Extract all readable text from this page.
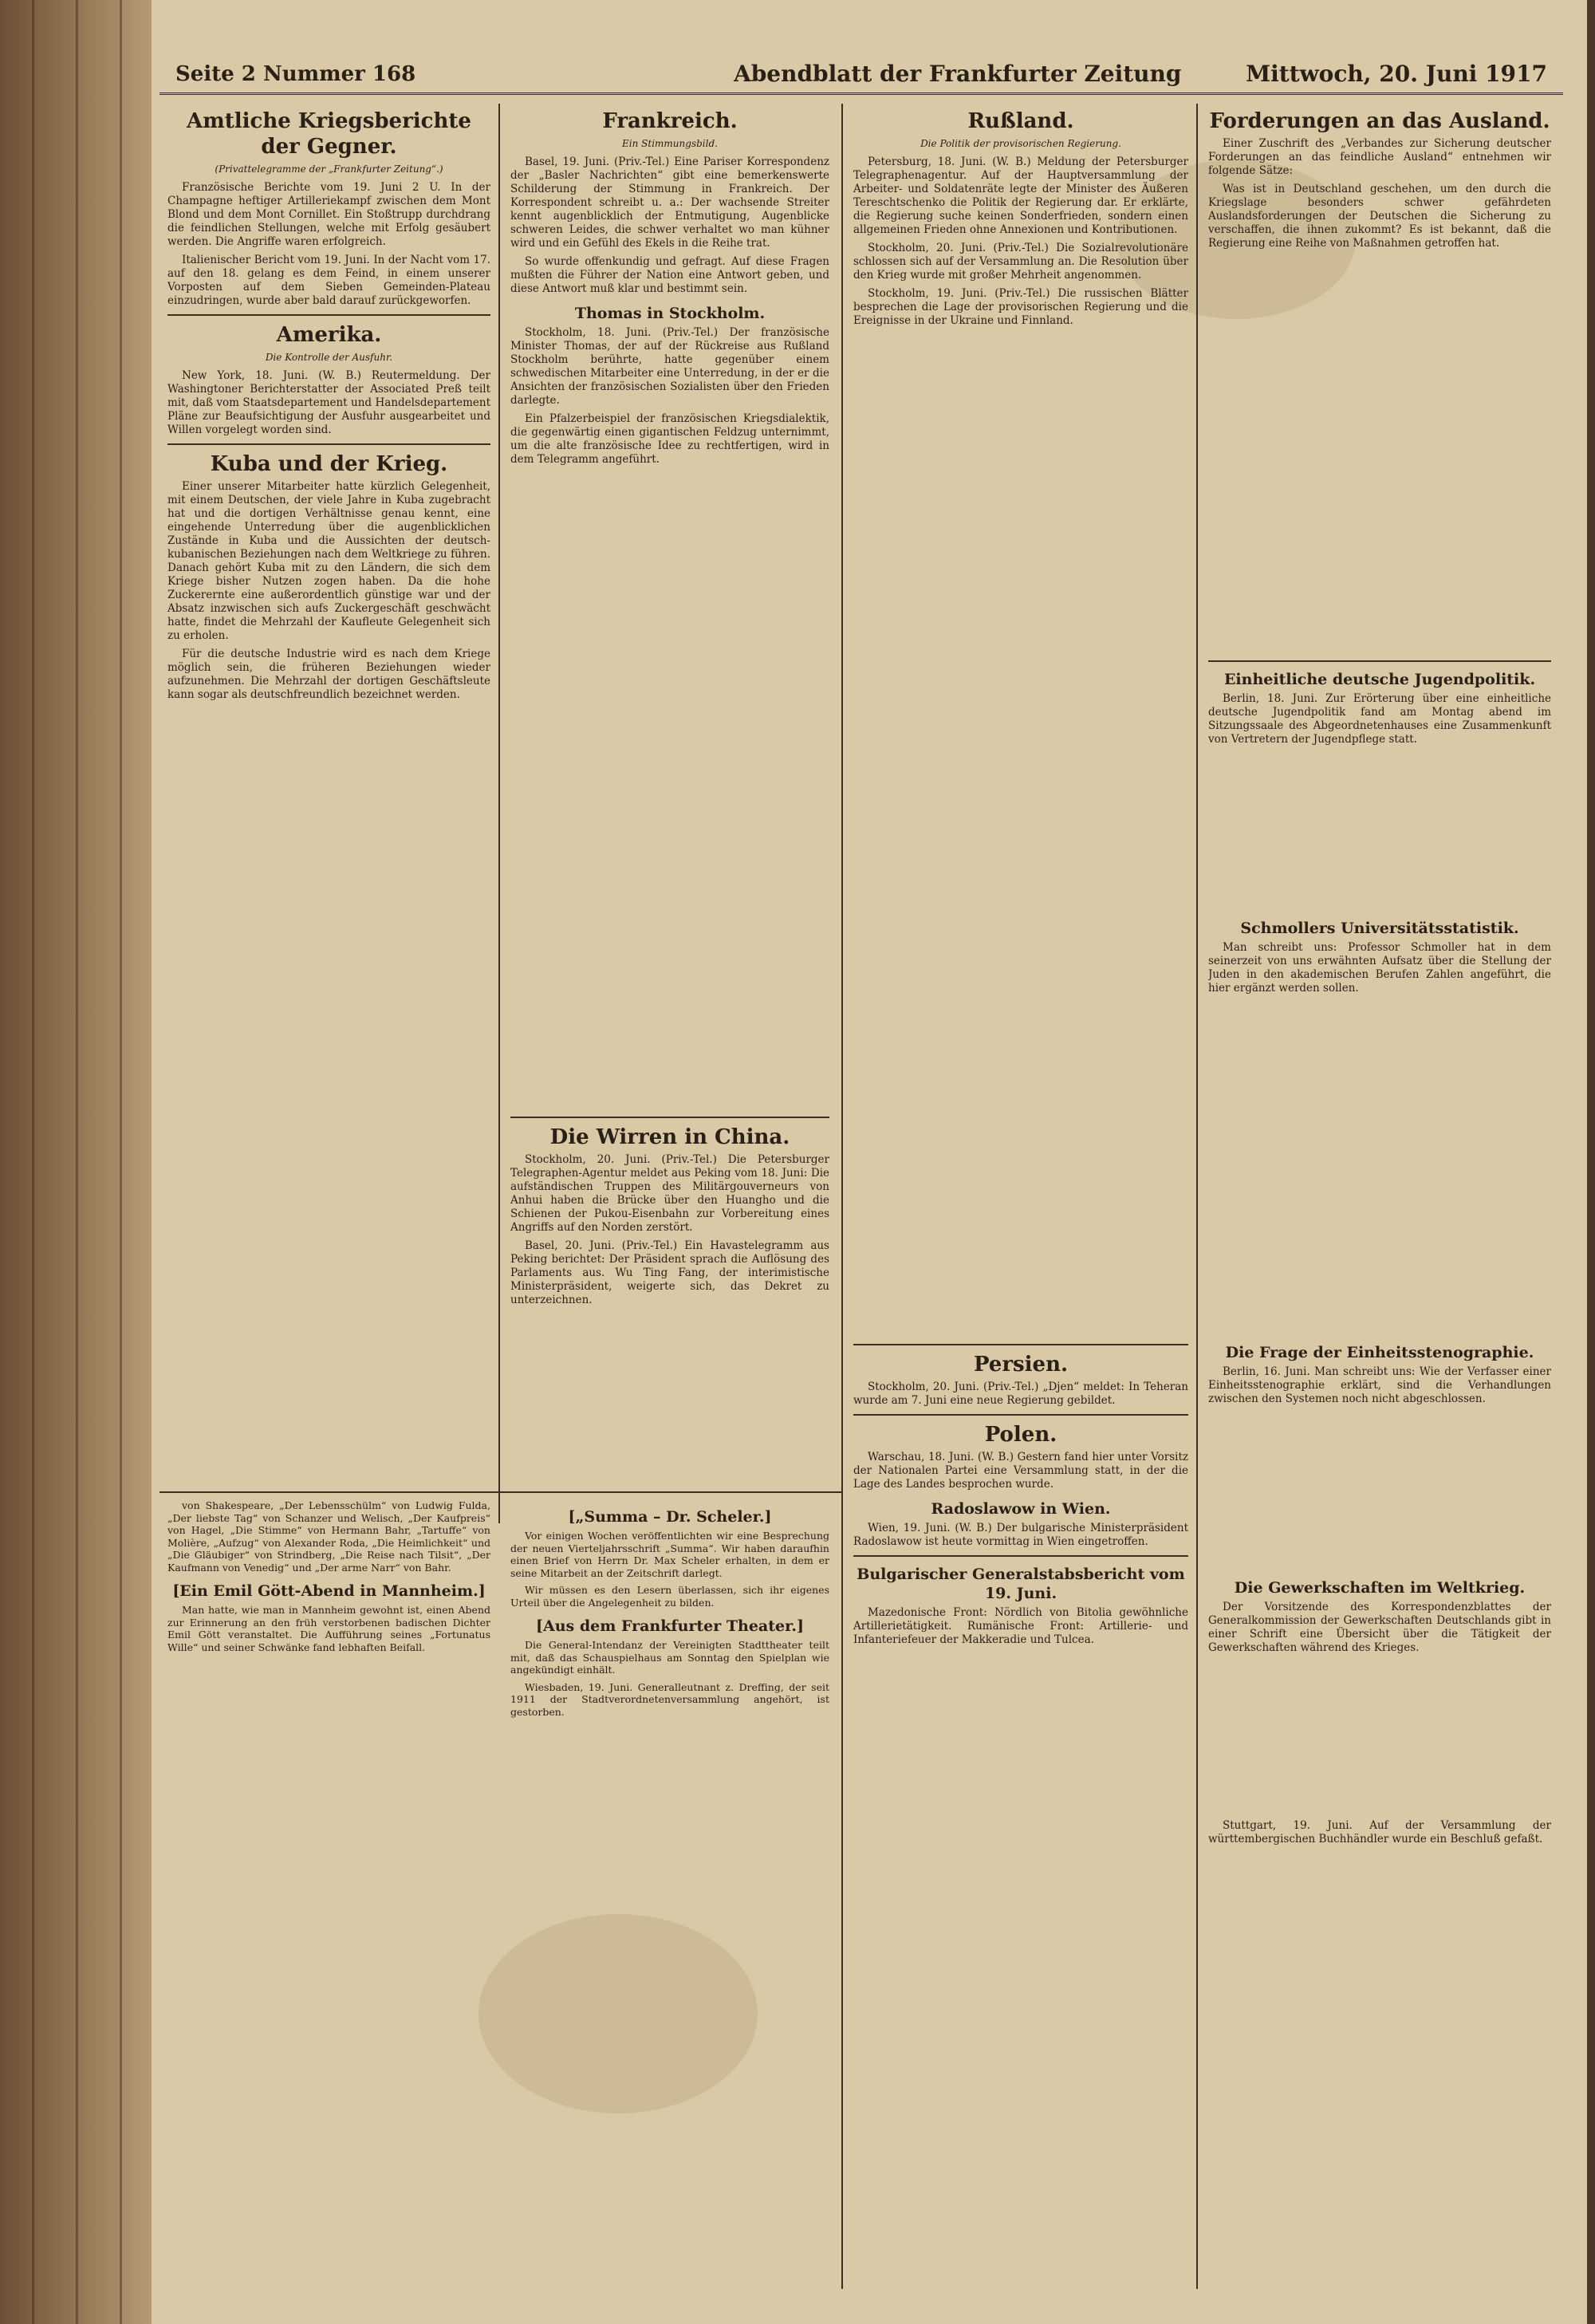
Seite 2 Nummer 168	Abendblatt der Frankfurter Zeitung	Mittwoch, 20. Juni 1917
Amtliche Kriegsberichte der Gegner.
(Privattelegramme der „Frankfurter Zeitung“.)

Französische Berichte vom 19. Juni 2 U. In der Champagne heftiger Artilleriekampf zwischen dem Mont Blond und dem Mont Cornillet. Ein Stoßtrupp durchdrang die feindlichen Stellungen, welche mit Erfolg gesäubert werden. Die Angriffe waren erfolgreich.

Italienischer Bericht vom 19. Juni. In der Nacht vom 17. auf den 18. gelang es dem Feind, in einem unserer Vorposten auf dem Sieben Gemeinden-Plateau einzudringen, wurde aber bald darauf zurückgeworfen.

Amerika.
Die Kontrolle der Ausfuhr.

New York, 18. Juni. (W. B.) Reutermeldung. Der Washingtoner Berichterstatter der Associated Preß teilt mit, daß vom Staatsdepartement und Handelsdepartement Pläne zur Beaufsichtigung der Ausfuhr ausgearbeitet und Willen vorgelegt worden sind.

Kuba und der Krieg.

Einer unserer Mitarbeiter hatte kürzlich Gelegenheit, mit einem Deutschen, der viele Jahre in Kuba zugebracht hat und die dortigen Verhältnisse genau kennt, eine eingehende Unterredung über die augenblicklichen Zustände in Kuba und die Aussichten der deutsch-kubanischen Beziehungen nach dem Weltkriege zu führen. Danach gehört Kuba mit zu den Ländern, die sich dem Kriege bisher Nutzen zogen haben. Da die hohe Zuckerernte eine außerordentlich günstige war und der Absatz inzwischen sich aufs Zuckergeschäft geschwächt hatte, findet die Mehrzahl der Kaufleute Gelegenheit sich zu erholen.

Für die deutsche Industrie wird es nach dem Kriege möglich sein, die früheren Beziehungen wieder aufzunehmen. Die Mehrzahl der dortigen Geschäftsleute kann sogar als deutschfreundlich bezeichnet werden.

Frankreich.
Ein Stimmungsbild.

Basel, 19. Juni. (Priv.-Tel.) Eine Pariser Korrespondenz der „Basler Nachrichten“ gibt eine bemerkenswerte Schilderung der Stimmung in Frankreich. Der Korrespondent schreibt u. a.: Der wachsende Streiter kennt augenblicklich der Entmutigung, Augenblicke schweren Leides, die schwer verhaltet wo man kühner wird und ein Gefühl des Ekels in die Reihe trat.

So wurde offenkundig und gefragt. Auf diese Fragen mußten die Führer der Nation eine Antwort geben, und diese Antwort muß klar und bestimmt sein.

Thomas in Stockholm.

Stockholm, 18. Juni. (Priv.-Tel.) Der französische Minister Thomas, der auf der Rückreise aus Rußland Stockholm berührte, hatte gegenüber einem schwedischen Mitarbeiter eine Unterredung, in der er die Ansichten der französischen Sozialisten über den Frieden darlegte.

Ein Pfalzerbeispiel der französischen Kriegsdialektik, die gegenwärtig einen gigantischen Feldzug unternimmt, um die alte französische Idee zu rechtfertigen, wird in dem Telegramm angeführt.

Die Wirren in China.

Stockholm, 20. Juni. (Priv.-Tel.) Die Petersburger Telegraphen-Agentur meldet aus Peking vom 18. Juni: Die aufständischen Truppen des Militärgouverneurs von Anhui haben die Brücke über den Huangho und die Schienen der Pukou-Eisenbahn zur Vorbereitung eines Angriffs auf den Norden zerstört.

Basel, 20. Juni. (Priv.-Tel.) Ein Havastelegramm aus Peking berichtet: Der Präsident sprach die Auflösung des Parlaments aus. Wu Ting Fang, der interimistische Ministerpräsident, weigerte sich, das Dekret zu unterzeichnen.

Rußland.
Die Politik der provisorischen Regierung.

Petersburg, 18. Juni. (W. B.) Meldung der Petersburger Telegraphenagentur. Auf der Hauptversammlung der Arbeiter- und Soldatenräte legte der Minister des Äußeren Tereschtschenko die Politik der Regierung dar. Er erklärte, die Regierung suche keinen Sonderfrieden, sondern einen allgemeinen Frieden ohne Annexionen und Kontributionen.

Stockholm, 20. Juni. (Priv.-Tel.) Die Sozialrevolutionäre schlossen sich auf der Versammlung an. Die Resolution über den Krieg wurde mit großer Mehrheit angenommen.

Stockholm, 19. Juni. (Priv.-Tel.) Die russischen Blätter besprechen die Lage der provisorischen Regierung und die Ereignisse in der Ukraine und Finnland.

Persien.

Stockholm, 20. Juni. (Priv.-Tel.) „Djen“ meldet: In Teheran wurde am 7. Juni eine neue Regierung gebildet.

Polen.

Warschau, 18. Juni. (W. B.) Gestern fand hier unter Vorsitz der Nationalen Partei eine Versammlung statt, in der die Lage des Landes besprochen wurde.

Radoslawow in Wien.

Wien, 19. Juni. (W. B.) Der bulgarische Ministerpräsident Radoslawow ist heute vormittag in Wien eingetroffen.

Bulgarischer Generalstabsbericht vom 19. Juni.

Mazedonische Front: Nördlich von Bitolia gewöhnliche Artillerietätigkeit. Rumänische Front: Artillerie- und Infanteriefeuer der Makkeradie und Tulcea.

Forderungen an das Ausland.

Einer Zuschrift des „Verbandes zur Sicherung deutscher Forderungen an das feindliche Ausland“ entnehmen wir folgende Sätze:

Was ist in Deutschland geschehen, um den durch die Kriegslage besonders schwer gefährdeten Auslandsforderungen der Deutschen die Sicherung zu verschaffen, die ihnen zukommt? Es ist bekannt, daß die Regierung eine Reihe von Maßnahmen getroffen hat.

Einheitliche deutsche Jugendpolitik.

Berlin, 18. Juni. Zur Erörterung über eine einheitliche deutsche Jugendpolitik fand am Montag abend im Sitzungssaale des Abgeordnetenhauses eine Zusammenkunft von Vertretern der Jugendpflege statt.

Schmollers Universitätsstatistik.

Man schreibt uns: Professor Schmoller hat in dem seinerzeit von uns erwähnten Aufsatz über die Stellung der Juden in den akademischen Berufen Zahlen angeführt, die hier ergänzt werden sollen.

Die Frage der Einheitsstenographie.

Berlin, 16. Juni. Man schreibt uns: Wie der Verfasser einer Einheitsstenographie erklärt, sind die Verhandlungen zwischen den Systemen noch nicht abgeschlossen.

Die Gewerkschaften im Weltkrieg.

Der Vorsitzende des Korrespondenzblattes der Generalkommission der Gewerkschaften Deutschlands gibt in einer Schrift eine Übersicht über die Tätigkeit der Gewerkschaften während des Krieges.

Stuttgart, 19. Juni. Auf der Versammlung der württembergischen Buchhändler wurde ein Beschluß gefaßt.

von Shakespeare, „Der Lebensschülm“ von Ludwig Fulda, „Der liebste Tag“ von Schanzer und Welisch, „Der Kaufpreis“ von Hagel, „Die Stimme“ von Hermann Bahr, „Tartuffe“ von Molière, „Aufzug“ von Alexander Roda, „Die Heimlichkeit“ und „Die Gläubiger“ von Strindberg, „Die Reise nach Tilsit“, „Der Kaufmann von Venedig“ und „Der arme Narr“ von Bahr.

[Ein Emil Gött-Abend in Mannheim.]

Man hatte, wie man in Mannheim gewohnt ist, einen Abend zur Erinnerung an den früh verstorbenen badischen Dichter Emil Gött veranstaltet. Die Aufführung seines „Fortunatus Wille“ und seiner Schwänke fand lebhaften Beifall.

[„Summa – Dr. Scheler.]

Vor einigen Wochen veröffentlichten wir eine Besprechung der neuen Vierteljahrsschrift „Summa“. Wir haben daraufhin einen Brief von Herrn Dr. Max Scheler erhalten, in dem er seine Mitarbeit an der Zeitschrift darlegt.

Wir müssen es den Lesern überlassen, sich ihr eigenes Urteil über die Angelegenheit zu bilden.

[Aus dem Frankfurter Theater.]

Die General-Intendanz der Vereinigten Stadttheater teilt mit, daß das Schauspielhaus am Sonntag den Spielplan wie angekündigt einhält.

Wiesbaden, 19. Juni. Generalleutnant z. Dreffing, der seit 1911 der Stadtverordnetenversammlung angehört, ist gestorben.
